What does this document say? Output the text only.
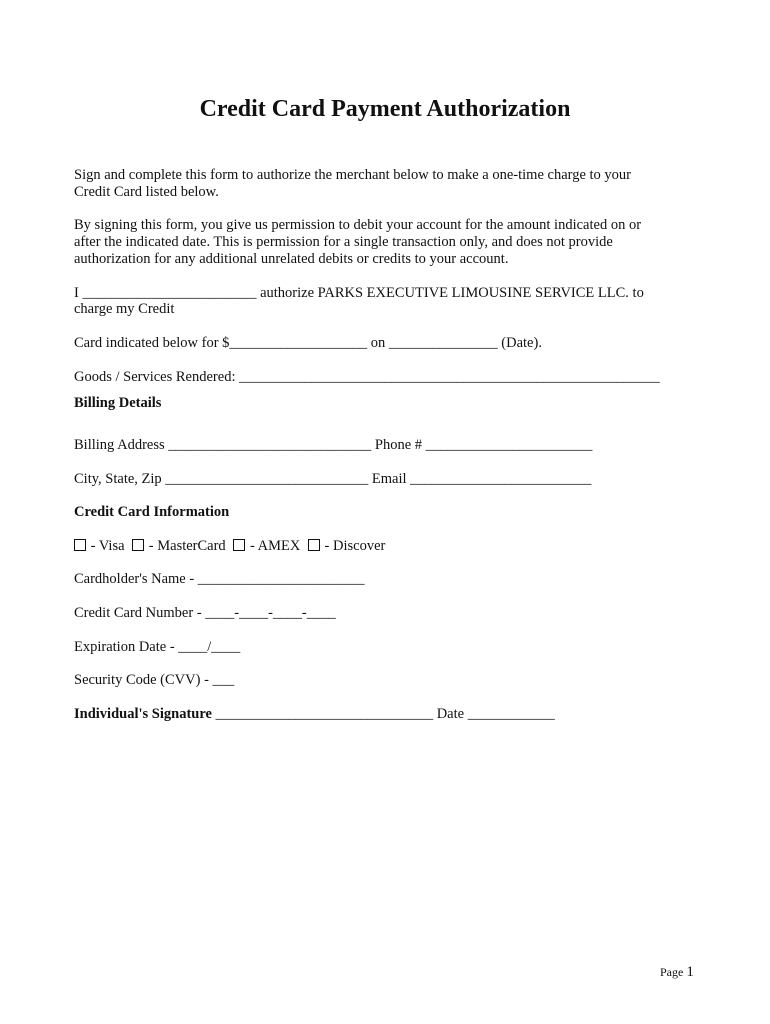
Credit Card Payment Authorization
Sign and complete this form to authorize the merchant below to make a one-time charge to your
Credit Card listed below.
By signing this form, you give us permission to debit your account for the amount indicated on or
after the indicated date. This is permission for a single transaction only, and does not provide
authorization for any additional unrelated debits or credits to your account.
I ________________________ authorize PARKS EXECUTIVE LIMOUSINE SERVICE LLC. to
charge my Credit
Card indicated below for $___________________ on _______________ (Date).
Goods / Services Rendered: __________________________________________________________
Billing Details
Billing Address ____________________________ Phone # _______________________
City, State, Zip ____________________________ Email _________________________
Credit Card Information
- Visa - MasterCard - AMEX - Discover
Cardholder's Name - _______________________
Credit Card Number - ____-____-____-____
Expiration Date - ____/____
Security Code (CVV) - ___
Individual's Signature ______________________________ Date ____________
Page 1
